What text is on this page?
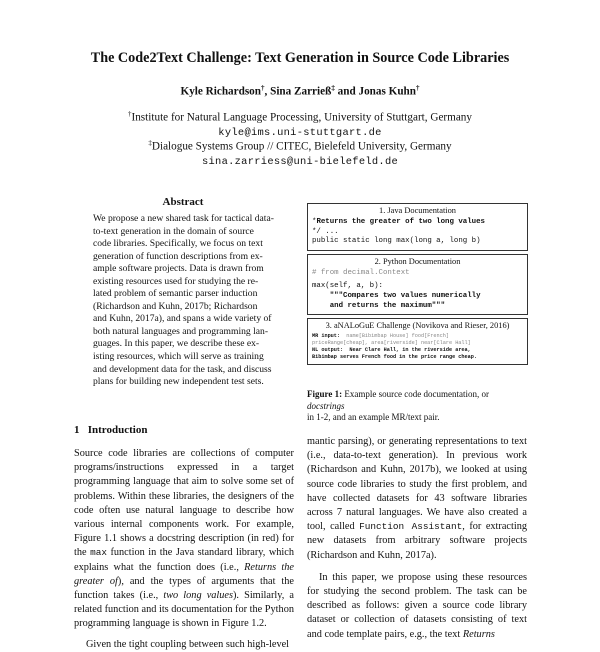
The Code2Text Challenge: Text Generation in Source Code Libraries
Kyle Richardson†, Sina Zarrieß‡ and Jonas Kuhn†
†Institute for Natural Language Processing, University of Stuttgart, Germany
kyle@ims.uni-stuttgart.de
‡Dialogue Systems Group // CITEC, Bielefeld University, Germany
sina.zarriess@uni-bielefeld.de
Abstract
We propose a new shared task for tactical data-
to-text generation in the domain of source
code libraries. Specifically, we focus on text
generation of function descriptions from ex-
ample software projects. Data is drawn from
existing resources used for studying the re-
lated problem of semantic parser induction
(Richardson and Kuhn, 2017b; Richardson
and Kuhn, 2017a), and spans a wide variety of
both natural languages and programming lan-
guages. In this paper, we describe these ex-
isting resources, which will serve as training
and development data for the task, and discuss
plans for building new independent test sets.
1. Java Documentation
*Returns the greater of two long values
*/ ...
public static long max(long a, long b)
2. Python Documentation
# from decimal.Context
max(self, a, b):
"""Compares two values numerically
and returns the maximum"""
3. aNALoGuE Challenge (Novikova and Rieser, 2016)
MR input:  name[Bibimbap House] food[French]
priceRange[cheap], area[riverside] near[Clare Hall]
NL output:  Near Clare Hall, in the riverside area,
Bibimbap serves French food in the price range cheap.
Figure 1: Example source code documentation, or docstrings
in 1-2, and an example MR/text pair.
1 Introduction

Source code libraries are collections of computer programs/instructions expressed in a target programming language that aim to solve some set of problems. Within these libraries, the designers of the code often use natural language to describe how various internal components work. For example, Figure 1.1 shows a docstring description (in red) for the max function in the Java standard library, which explains what the function does (i.e., Returns the greater of), and the types of arguments that the function takes (i.e., two long values). Similarly, a related function and its documentation for the Python programming language is shown in Figure 1.2.

Given the tight coupling between such high-level

mantic parsing), or generating representations to text (i.e., data-to-text generation). In previous work (Richardson and Kuhn, 2017b), we looked at using source code libraries to study the first problem, and have collected datasets for 43 software libraries across 7 natural languages. We have also created a tool, called Function Assistant, for extracting new datasets from arbitrary software projects (Richardson and Kuhn, 2017a).

In this paper, we propose using these resources for studying the second problem. The task can be described as follows: given a source code library dataset or collection of datasets consisting of text and code template pairs, e.g., the text Returns
